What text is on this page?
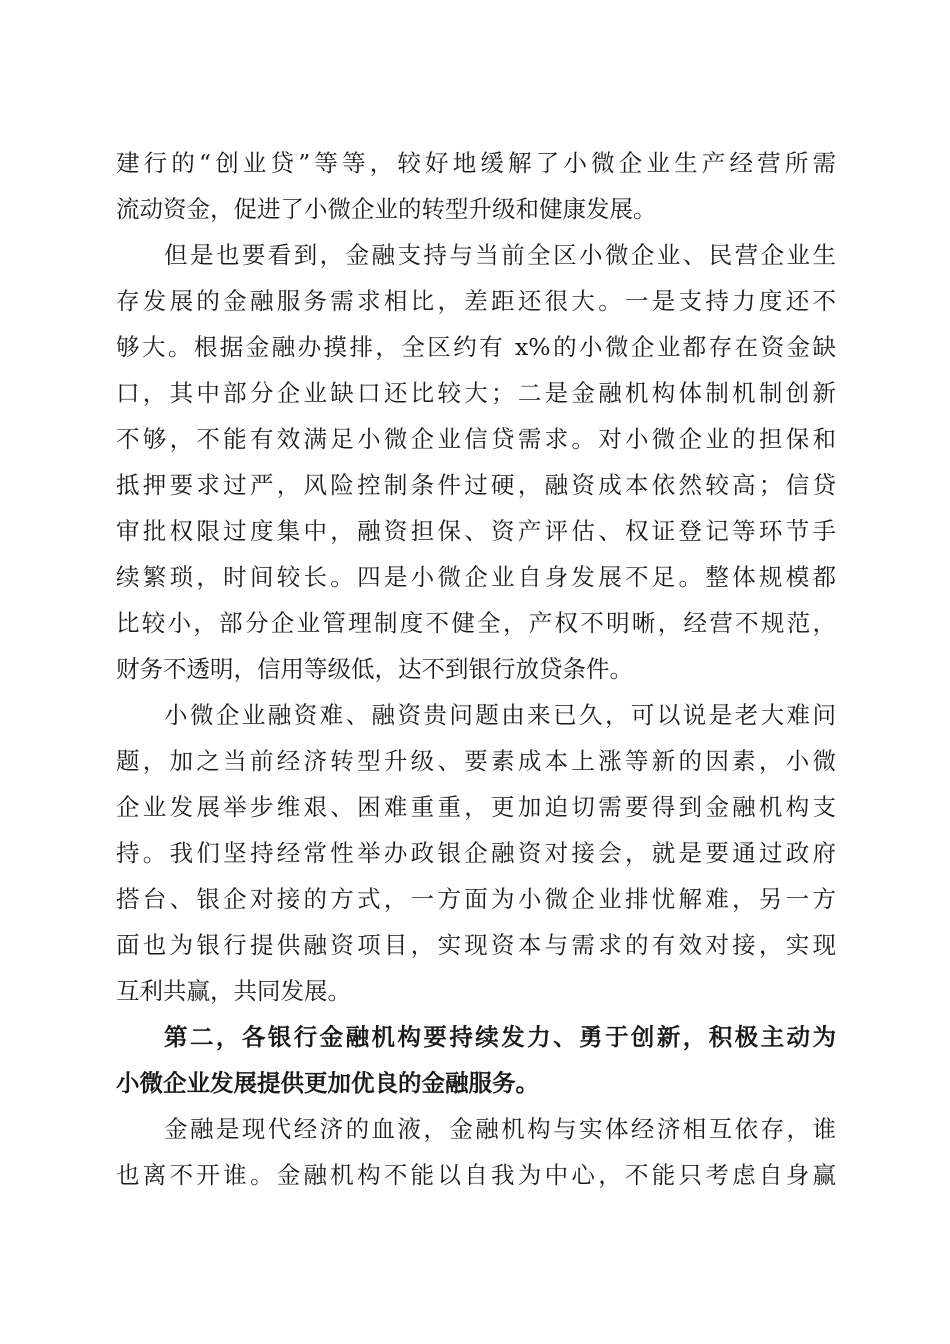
建行的“创业贷”等等，较好地缓解了小微企业生产经营所需
流动资金，促进了小微企业的转型升级和健康发展。
但是也要看到，金融支持与当前全区小微企业、民营企业生
存发展的金融服务需求相比，差距还很大。一是支持力度还不
够大。根据金融办摸排，全区约有 x%的小微企业都存在资金缺
口，其中部分企业缺口还比较大；二是金融机构体制机制创新
不够，不能有效满足小微企业信贷需求。对小微企业的担保和
抵押要求过严，风险控制条件过硬，融资成本依然较高；信贷
审批权限过度集中，融资担保、资产评估、权证登记等环节手
续繁琐，时间较长。四是小微企业自身发展不足。整体规模都
比较小，部分企业管理制度不健全，产权不明晰，经营不规范，
财务不透明，信用等级低，达不到银行放贷条件。
小微企业融资难、融资贵问题由来已久，可以说是老大难问
题，加之当前经济转型升级、要素成本上涨等新的因素，小微
企业发展举步维艰、困难重重，更加迫切需要得到金融机构支
持。我们坚持经常性举办政银企融资对接会，就是要通过政府
搭台、银企对接的方式，一方面为小微企业排忧解难，另一方
面也为银行提供融资项目，实现资本与需求的有效对接，实现
互利共赢，共同发展。
第二，各银行金融机构要持续发力、勇于创新，积极主动为
小微企业发展提供更加优良的金融服务。
金融是现代经济的血液，金融机构与实体经济相互依存，谁
也离不开谁。金融机构不能以自我为中心，不能只考虑自身赢
